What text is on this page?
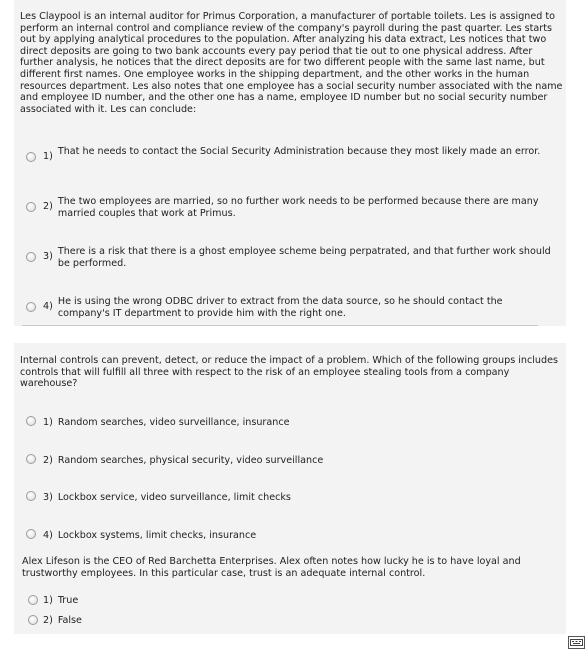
Les Claypool is an internal auditor for Primus Corporation, a manufacturer of portable toilets. Les is assigned to perform an internal control and compliance review of the company's payroll during the past quarter. Les starts out by applying analytical procedures to the population. After analyzing his data extract, Les notices that two direct deposits are going to two bank accounts every pay period that tie out to one physical address. After further analysis, he notices that the direct deposits are for two different people with the same last name, but different first names. One employee works in the shipping department, and the other works in the human resources department. Les also notes that one employee has a social security number associated with the name and employee ID number, and the other one has a name, employee ID number but no social security number associated with it. Les can conclude:

1) That he needs to contact the Social Security Administration because they most likely made an error.
2) The two employees are married, so no further work needs to be performed because there are many married couples that work at Primus.
3) There is a risk that there is a ghost employee scheme being perpatrated, and that further work should be performed.
4) He is using the wrong ODBC driver to extract from the data source, so he should contact the company's IT department to provide him with the right one.

Internal controls can prevent, detect, or reduce the impact of a problem. Which of the following groups includes controls that will fulfill all three with respect to the risk of an employee stealing tools from a company warehouse?

1) Random searches, video surveillance, insurance
2) Random searches, physical security, video surveillance
3) Lockbox service, video surveillance, limit checks
4) Lockbox systems, limit checks, insurance

Alex Lifeson is the CEO of Red Barchetta Enterprises. Alex often notes how lucky he is to have loyal and trustworthy employees. In this particular case, trust is an adequate internal control.

1) True
2) False
